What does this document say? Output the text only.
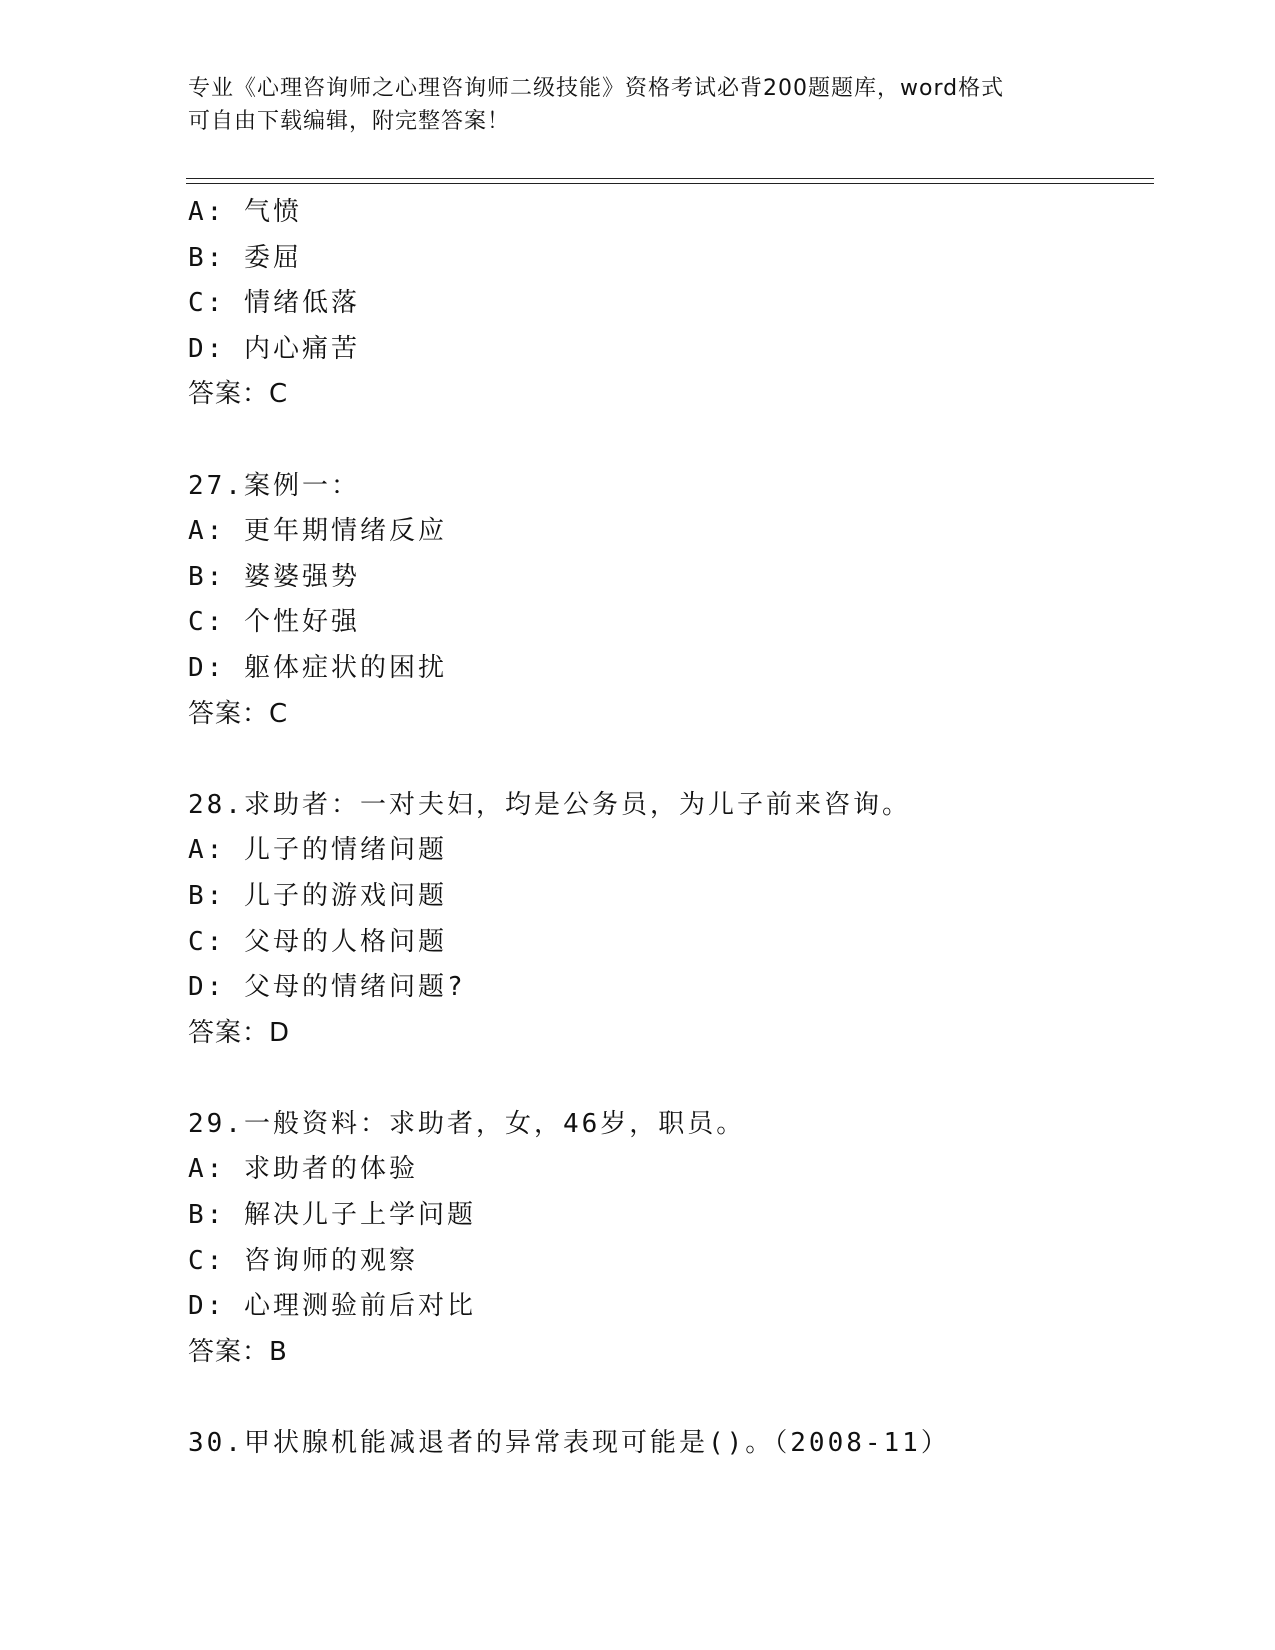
专业《心理咨询师之心理咨询师二级技能》资格考试必背200题题库，word格式
可自由下载编辑，附完整答案！
A: 气愤
B: 委屈
C: 情绪低落
D: 内心痛苦
答案：C
27.案例一：
A: 更年期情绪反应
B: 婆婆强势
C: 个性好强
D: 躯体症状的困扰
答案：C
28.求助者：一对夫妇，均是公务员，为儿子前来咨询。
A: 儿子的情绪问题
B: 儿子的游戏问题
C: 父母的人格问题
D: 父母的情绪问题?
答案：D
29.一般资料：求助者，女，46岁，职员。
A: 求助者的体验
B: 解决儿子上学问题
C: 咨询师的观察
D: 心理测验前后对比
答案：B
30.甲状腺机能减退者的异常表现可能是()。（2008-11）
